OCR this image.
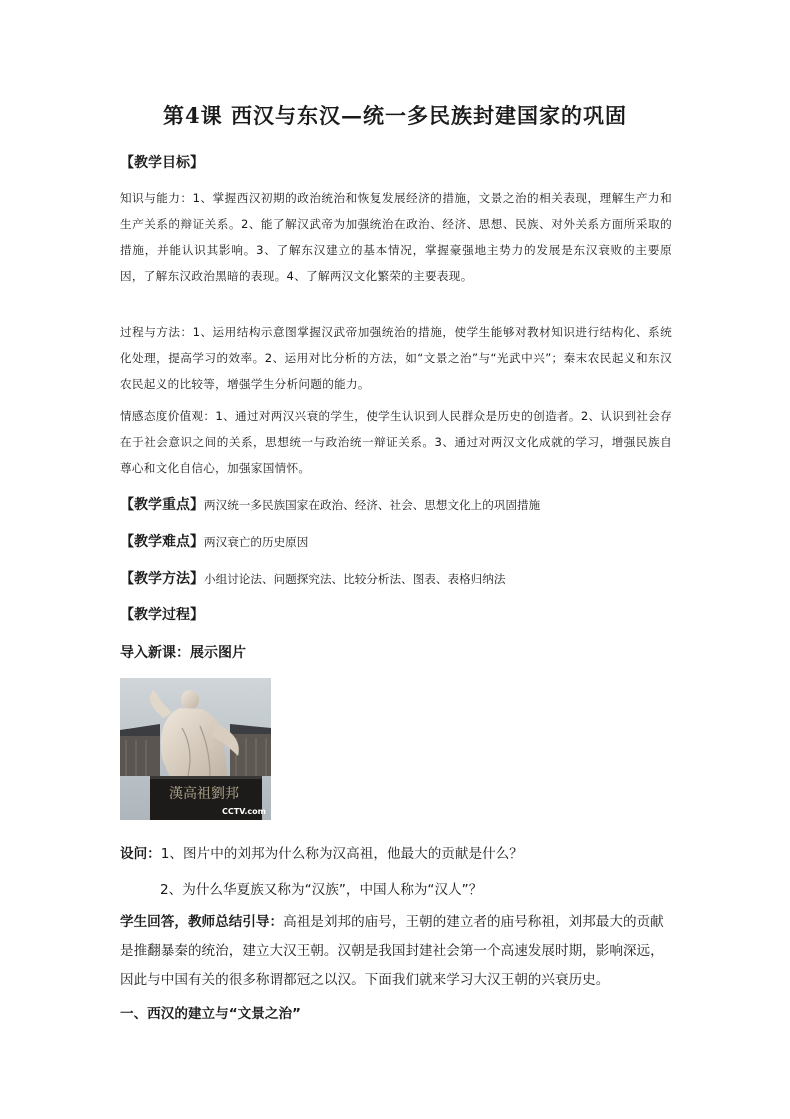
第4课 西汉与东汉—统一多民族封建国家的巩固

【教学目标】

知识与能力：1、掌握西汉初期的政治统治和恢复发展经济的措施，文景之治的相关表现，理解生产力和生产关系的辩证关系。2、能了解汉武帝为加强统治在政治、经济、思想、民族、对外关系方面所采取的措施，并能认识其影响。3、了解东汉建立的基本情况，掌握豪强地主势力的发展是东汉衰败的主要原因，了解东汉政治黑暗的表现。4、了解两汉文化繁荣的主要表现。

过程与方法：1、运用结构示意图掌握汉武帝加强统治的措施，使学生能够对教材知识进行结构化、系统化处理，提高学习的效率。2、运用对比分析的方法，如“文景之治”与“光武中兴”；秦末农民起义和东汉农民起义的比较等，增强学生分析问题的能力。

情感态度价值观：1、通过对两汉兴衰的学生，使学生认识到人民群众是历史的创造者。2、认识到社会存在于社会意识之间的关系，思想统一与政治统一辩证关系。3、通过对两汉文化成就的学习，增强民族自尊心和文化自信心，加强家国情怀。

【教学重点】两汉统一多民族国家在政治、经济、社会、思想文化上的巩固措施

【教学难点】两汉衰亡的历史原因

【教学方法】小组讨论法、问题探究法、比较分析法、图表、表格归纳法

【教学过程】

导入新课：展示图片

漢高祖劉邦
CCTV.com

设问：1、图片中的刘邦为什么称为汉高祖，他最大的贡献是什么？

2、为什么华夏族又称为“汉族”，中国人称为“汉人”？

学生回答，教师总结引导：高祖是刘邦的庙号，王朝的建立者的庙号称祖，刘邦最大的贡献是推翻暴秦的统治，建立大汉王朝。汉朝是我国封建社会第一个高速发展时期，影响深远，因此与中国有关的很多称谓都冠之以汉。下面我们就来学习大汉王朝的兴衰历史。

一、西汉的建立与“文景之治”
